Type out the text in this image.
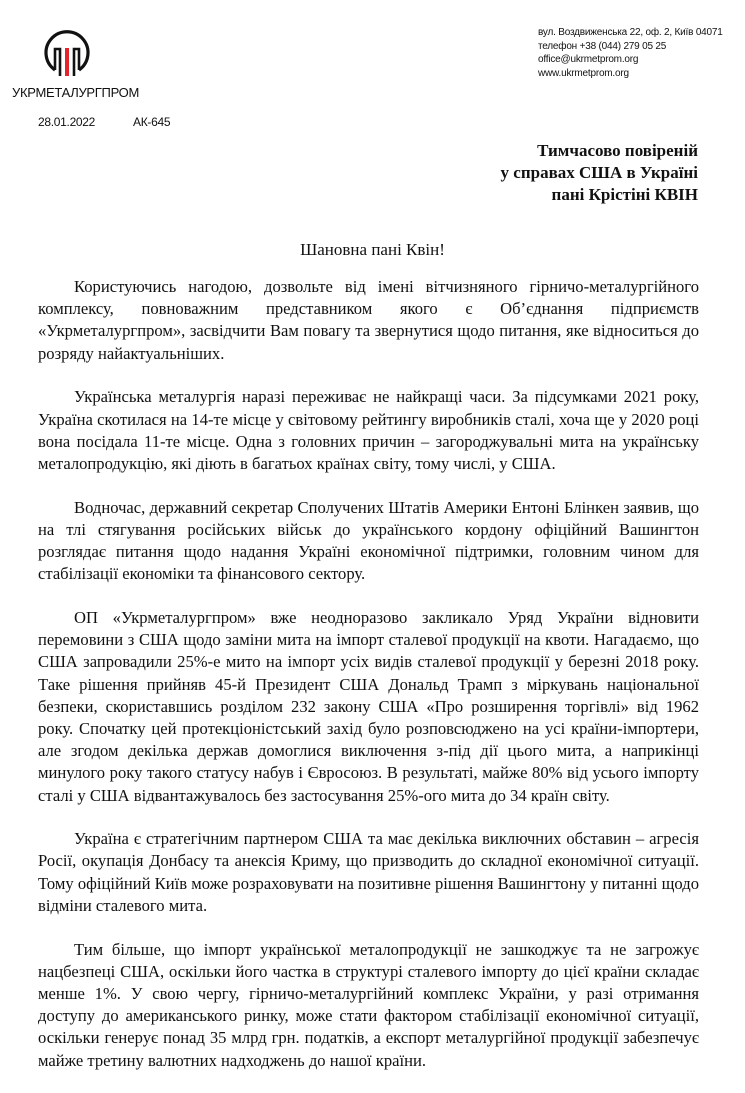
УКРМЕТАЛУРГПРОМ
вул. Воздвиженська 22, оф. 2, Київ 04071
телефон +38 (044) 279 05 25
office@ukrmetprom.org
www.ukrmetprom.org
28.01.2022	АК-645
Тимчасово повіреній
у справах США в Україні
пані Крістіні КВІН
Шановна пані Квін!

Користуючись нагодою, дозвольте від імені вітчизняного гірничо-металургійного комплексу, повноважним представником якого є Об’єднання підприємств «Укрметалургпром», засвідчити Вам повагу та звернутися щодо питання, яке відноситься до розряду найактуальніших.

Українська металургія наразі переживає не найкращі часи. За підсумками 2021 року, Україна скотилася на 14-те місце у світовому рейтингу виробників сталі, хоча ще у 2020 році вона посідала 11-те місце. Одна з головних причин – загороджувальні мита на українську металопродукцію, які діють в багатьох країнах світу, тому числі, у США.

Водночас, державний секретар Сполучених Штатів Америки Ентоні Блінкен заявив, що на тлі стягування російських військ до українського кордону офіційний Вашингтон розглядає питання щодо надання Україні економічної підтримки, головним чином для стабілізації економіки та фінансового сектору.

ОП «Укрметалургпром» вже неодноразово закликало Уряд України відновити перемовини з США щодо заміни мита на імпорт сталевої продукції на квоти. Нагадаємо, що США запровадили 25%-е мито на імпорт усіх видів сталевої продукції у березні 2018 року. Таке рішення прийняв 45-й Президент США Дональд Трамп з міркувань національної безпеки, скориставшись розділом 232 закону США «Про розширення торгівлі» від 1962 року. Спочатку цей протекціоністський захід було розповсюджено на усі країни-імпортери, але згодом декілька держав домоглися виключення з-під дії цього мита, а наприкінці минулого року такого статусу набув і Євросоюз. В результаті, майже 80% від усього імпорту сталі у США відвантажувалось без застосування 25%-ого мита до 34 країн світу.

Україна є стратегічним партнером США та має декілька виключних обставин – агресія Росії, окупація Донбасу та анексія Криму, що призводить до складної економічної ситуації. Тому офіційний Київ може розраховувати на позитивне рішення Вашингтону у питанні щодо відміни сталевого мита.

Тим більше, що імпорт української металопродукції не зашкоджує та не загрожує нацбезпеці США, оскільки його частка в структурі сталевого імпорту до цієї країни складає менше 1%. У свою чергу, гірничо-металургійний комплекс України, у разі отримання доступу до американського ринку, може стати фактором стабілізації економічної ситуації, оскільки генерує понад 35 млрд грн. податків, а експорт металургійної продукції забезпечує майже третину валютних надходжень до нашої країни.
